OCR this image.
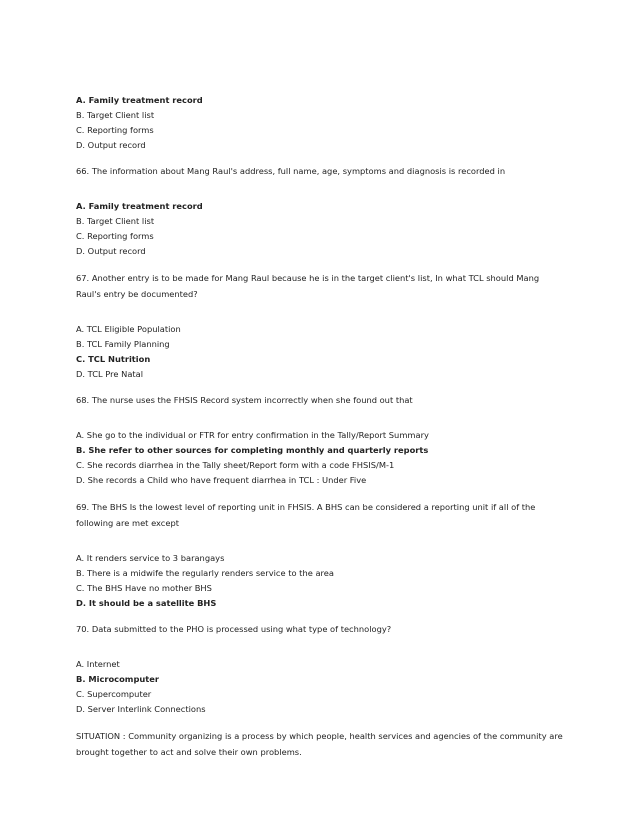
A. Family treatment record
B. Target Client list
C. Reporting forms
D. Output record
66. The information about Mang Raul's address, full name, age, symptoms and diagnosis is recorded in
A. Family treatment record
B. Target Client list
C. Reporting forms
D. Output record
67. Another entry is to be made for Mang Raul because he is in the target client's list, In what TCL should Mang Raul's entry be documented?
A. TCL Eligible Population
B. TCL Family Planning
C. TCL Nutrition
D. TCL Pre Natal
68. The nurse uses the FHSIS Record system incorrectly when she found out that
A. She go to the individual or FTR for entry confirmation in the Tally/Report Summary
B. She refer to other sources for completing monthly and quarterly reports
C. She records diarrhea in the Tally sheet/Report form with a code FHSIS/M-1
D. She records a Child who have frequent diarrhea in TCL : Under Five
69. The BHS Is the lowest level of reporting unit in FHSIS. A BHS can be considered a reporting unit if all of the following are met except
A. It renders service to 3 barangays
B. There is a midwife the regularly renders service to the area
C. The BHS Have no mother BHS
D. It should be a satellite BHS
70. Data submitted to the PHO is processed using what type of technology?
A. Internet
B. Microcomputer
C. Supercomputer
D. Server Interlink Connections
SITUATION : Community organizing is a process by which people, health services and agencies of the community are brought together to act and solve their own problems.
